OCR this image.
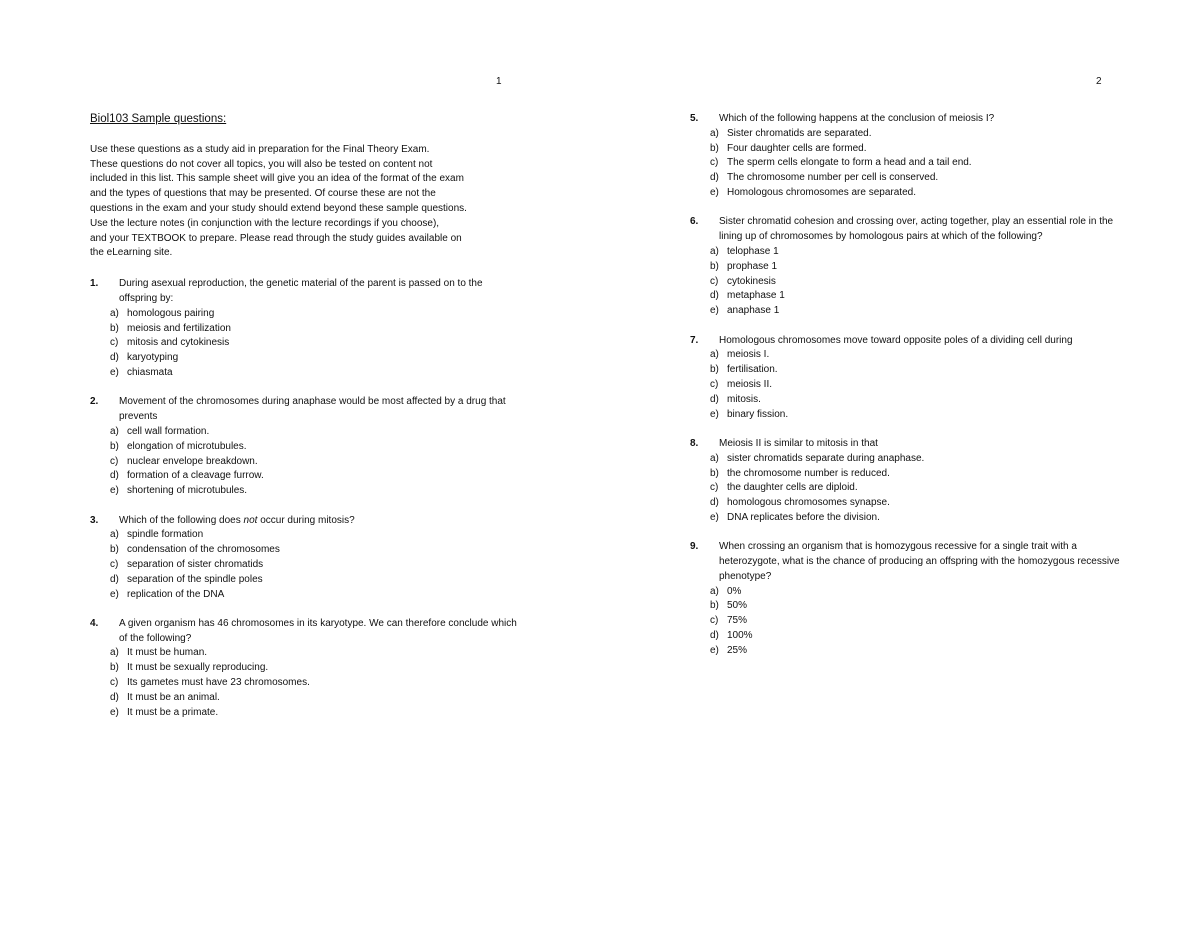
1
Biol103 Sample questions:
Use these questions as a study aid in preparation for the Final Theory Exam.
These questions do not cover all topics, you will also be tested on content not
included in this list. This sample sheet will give you an idea of the format of the exam
and the types of questions that may be presented. Of course these are not the
questions in the exam and your study should extend beyond these sample questions.
Use the lecture notes (in conjunction with the lecture recordings if you choose),
and your TEXTBOOK to prepare. Please read through the study guides available on
the eLearning site.
1.	During asexual reproduction, the genetic material of the parent is passed on to the offspring by:
a) homologous pairing
b) meiosis and fertilization
c) mitosis and cytokinesis
d) karyotyping
e) chiasmata
2.	Movement of the chromosomes during anaphase would be most affected by a drug that prevents
a) cell wall formation.
b) elongation of microtubules.
c) nuclear envelope breakdown.
d) formation of a cleavage furrow.
e) shortening of microtubules.
3.	Which of the following does not occur during mitosis?
a) spindle formation
b) condensation of the chromosomes
c) separation of sister chromatids
d) separation of the spindle poles
e) replication of the DNA
4.	A given organism has 46 chromosomes in its karyotype. We can therefore conclude which of the following?
a) It must be human.
b) It must be sexually reproducing.
c) Its gametes must have 23 chromosomes.
d) It must be an animal.
e) It must be a primate.
2
5.	Which of the following happens at the conclusion of meiosis I?
a) Sister chromatids are separated.
b) Four daughter cells are formed.
c) The sperm cells elongate to form a head and a tail end.
d) The chromosome number per cell is conserved.
e) Homologous chromosomes are separated.
6.	Sister chromatid cohesion and crossing over, acting together, play an essential role in the lining up of chromosomes by homologous pairs at which of the following?
a) telophase 1
b) prophase 1
c) cytokinesis
d) metaphase 1
e) anaphase 1
7.	Homologous chromosomes move toward opposite poles of a dividing cell during
a) meiosis I.
b) fertilisation.
c) meiosis II.
d) mitosis.
e) binary fission.
8.	Meiosis II is similar to mitosis in that
a) sister chromatids separate during anaphase.
b) the chromosome number is reduced.
c) the daughter cells are diploid.
d) homologous chromosomes synapse.
e) DNA replicates before the division.
9.	When crossing an organism that is homozygous recessive for a single trait with a heterozygote, what is the chance of producing an offspring with the homozygous recessive phenotype?
a) 0%
b) 50%
c) 75%
d) 100%
e) 25%
